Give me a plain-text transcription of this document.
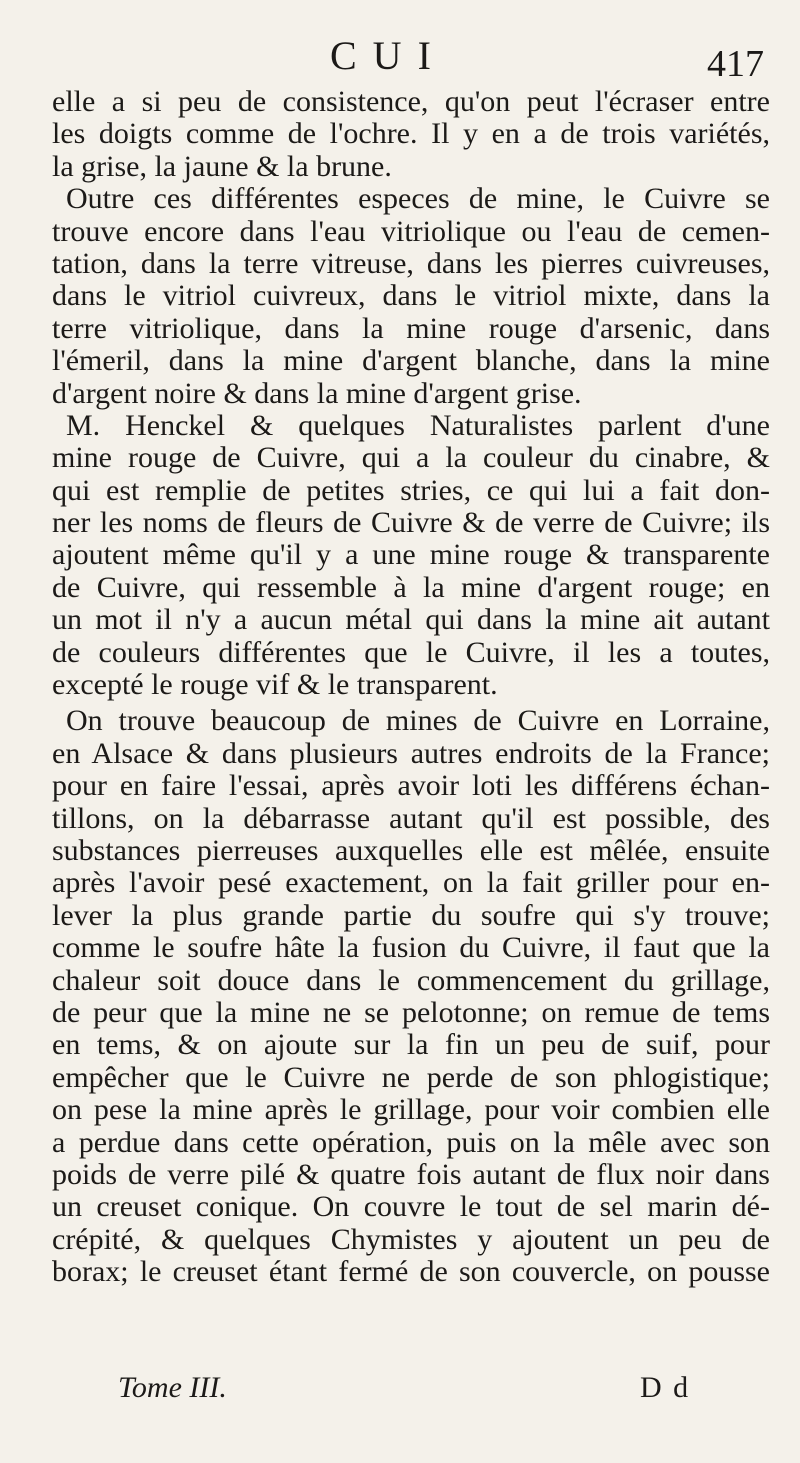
CUI	417
elle a si peu de consistence, qu'on peut l'écraser entre
les doigts comme de l'ochre. Il y en a de trois variétés,
la grise, la jaune & la brune.
Outre ces différentes especes de mine, le Cuivre se
trouve encore dans l'eau vitriolique ou l'eau de cemen-
tation, dans la terre vitreuse, dans les pierres cuivreuses,
dans le vitriol cuivreux, dans le vitriol mixte, dans la
terre vitriolique, dans la mine rouge d'arsenic, dans
l'émeril, dans la mine d'argent blanche, dans la mine
d'argent noire & dans la mine d'argent grise.
M. Henckel & quelques Naturalistes parlent d'une
mine rouge de Cuivre, qui a la couleur du cinabre, &
qui est remplie de petites stries, ce qui lui a fait don-
ner les noms de fleurs de Cuivre & de verre de Cuivre; ils
ajoutent même qu'il y a une mine rouge & transparente
de Cuivre, qui ressemble à la mine d'argent rouge; en
un mot il n'y a aucun métal qui dans la mine ait autant
de couleurs différentes que le Cuivre, il les a toutes,
excepté le rouge vif & le transparent.
On trouve beaucoup de mines de Cuivre en Lorraine,
en Alsace & dans plusieurs autres endroits de la France;
pour en faire l'essai, après avoir loti les différens échan-
tillons, on la débarrasse autant qu'il est possible, des
substances pierreuses auxquelles elle est mêlée, ensuite
après l'avoir pesé exactement, on la fait griller pour en-
lever la plus grande partie du soufre qui s'y trouve;
comme le soufre hâte la fusion du Cuivre, il faut que la
chaleur soit douce dans le commencement du grillage,
de peur que la mine ne se pelotonne; on remue de tems
en tems, & on ajoute sur la fin un peu de suif, pour
empêcher que le Cuivre ne perde de son phlogistique;
on pese la mine après le grillage, pour voir combien elle
a perdue dans cette opération, puis on la mêle avec son
poids de verre pilé & quatre fois autant de flux noir dans
un creuset conique. On couvre le tout de sel marin dé-
crépité, & quelques Chymistes y ajoutent un peu de
borax; le creuset étant fermé de son couvercle, on pousse
Tome III.	D d
